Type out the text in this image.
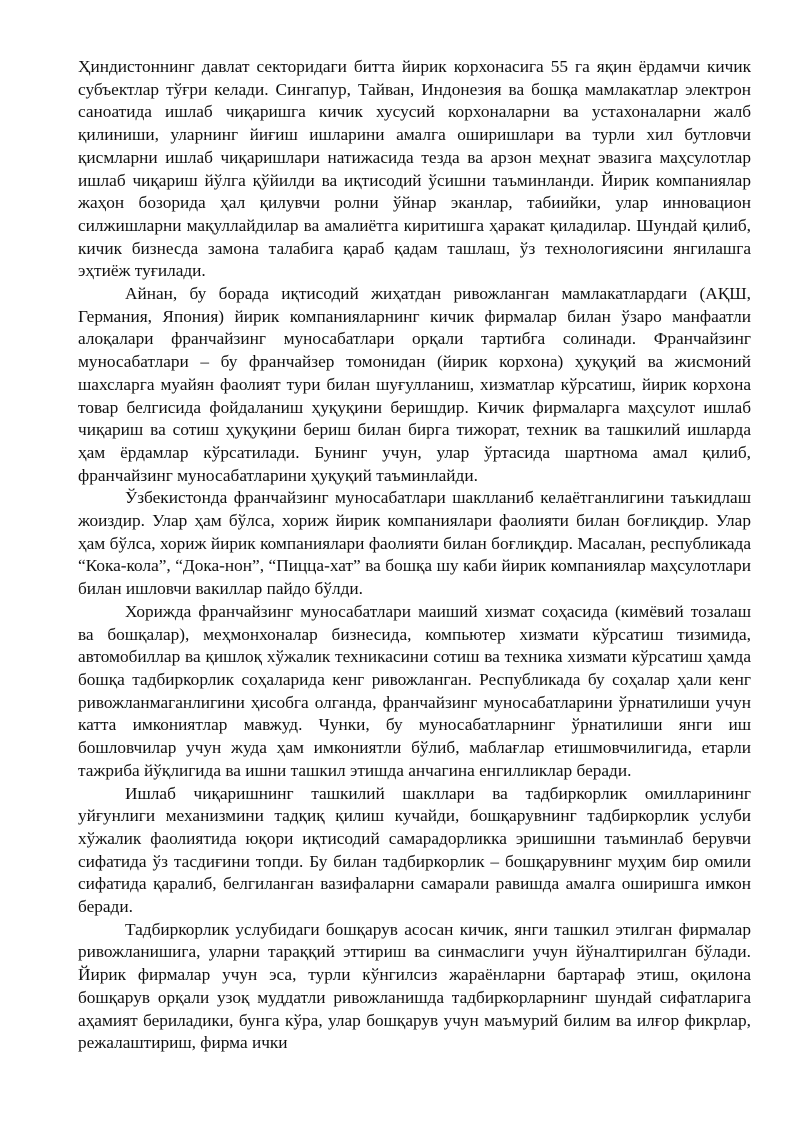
Ҳиндистоннинг давлат секторидаги битта йирик корхонасига 55 га яқин ёрдамчи кичик субъектлар тўғри келади. Сингапур, Тайван, Индонезия ва бошқа мамлакатлар электрон саноатида ишлаб чиқаришга кичик хусусий корхоналарни ва устахоналарни жалб қилиниши, уларнинг йиғиш ишларини амалга оширишлари ва турли хил бутловчи қисмларни ишлаб чиқаришлари натижасида тезда ва арзон меҳнат эвазига маҳсулотлар ишлаб чиқариш йўлга қўйилди ва иқтисодий ўсишни таъминланди. Йирик компаниялар жаҳон бозорида ҳал қилувчи ролни ўйнар эканлар, табиийки, улар инновацион силжишларни мақуллайдилар ва амалиётга киритишга ҳаракат қиладилар. Шундай қилиб, кичик бизнесда замона талабига қараб қадам ташлаш, ўз технологиясини янгилашга эҳтиёж туғилади.

Айнан, бу борада иқтисодий жиҳатдан ривожланган мамлакатлардаги (АҚШ, Германия, Япония) йирик компанияларнинг кичик фирмалар билан ўзаро манфаатли алоқалари франчайзинг муносабатлари орқали тартибга солинади. Франчайзинг муносабатлари – бу франчайзер томонидан (йирик корхона) ҳуқуқий ва жисмоний шахсларга муайян фаолият тури билан шуғулланиш, хизматлар кўрсатиш, йирик корхона товар белгисида фойдаланиш ҳуқуқини беришдир. Кичик фирмаларга маҳсулот ишлаб чиқариш ва сотиш ҳуқуқини бериш билан бирга тижорат, техник ва ташкилий ишларда ҳам ёрдамлар кўрсатилади. Бунинг учун, улар ўртасида шартнома амал қилиб, франчайзинг муносабатларини ҳуқуқий таъминлайди.

Ўзбекистонда франчайзинг муносабатлари шаклланиб келаётганлигини таъкидлаш жоиздир. Улар ҳам бўлса, хориж йирик компаниялари фаолияти билан боғлиқдир. Улар ҳам бўлса, хориж йирик компаниялари фаолияти билан боғлиқдир. Масалан, республикада “Кока-кола”, “Дока-нон”, “Пицца-хат” ва бошқа шу каби йирик компаниялар маҳсулотлари билан ишловчи вакиллар пайдо бўлди.

Хорижда франчайзинг муносабатлари маиший хизмат соҳасида (кимёвий тозалаш ва бошқалар), меҳмонхоналар бизнесида, компьютер хизмати кўрсатиш тизимида, автомобиллар ва қишлоқ хўжалик техникасини сотиш ва техника хизмати кўрсатиш ҳамда бошқа тадбиркорлик соҳаларида кенг ривожланган. Республикада бу соҳалар ҳали кенг ривожланмаганлигини ҳисобга олганда, франчайзинг муносабатларини ўрнатилиши учун катта имкониятлар мавжуд. Чунки, бу муносабатларнинг ўрнатилиши янги иш бошловчилар учун жуда ҳам имкониятли бўлиб, маблағлар етишмовчилигида, етарли тажриба йўқлигида ва ишни ташкил этишда анчагина енгилликлар беради.

Ишлаб чиқаришнинг ташкилий шакллари ва тадбиркорлик омилларининг уйғунлиги механизмини тадқиқ қилиш кучайди, бошқарувнинг тадбиркорлик услуби хўжалик фаолиятида юқори иқтисодий самарадорликка эришишни таъминлаб берувчи сифатида ўз тасдиғини топди. Бу билан тадбиркорлик – бошқарувнинг муҳим бир омили сифатида қаралиб, белгиланган вазифаларни самарали равишда амалга оширишга имкон беради.

Тадбиркорлик услубидаги бошқарув асосан кичик, янги ташкил этилган фирмалар ривожланишига, уларни тараққий эттириш ва синмаслиги учун йўналтирилган бўлади. Йирик фирмалар учун эса, турли кўнгилсиз жараёнларни бартараф этиш, оқилона бошқарув орқали узоқ муддатли ривожланишда тадбиркорларнинг шундай сифатларига аҳамият бериладики, бунга кўра, улар бошқарув учун маъмурий билим ва илғор фикрлар, режалаштириш, фирма ички
